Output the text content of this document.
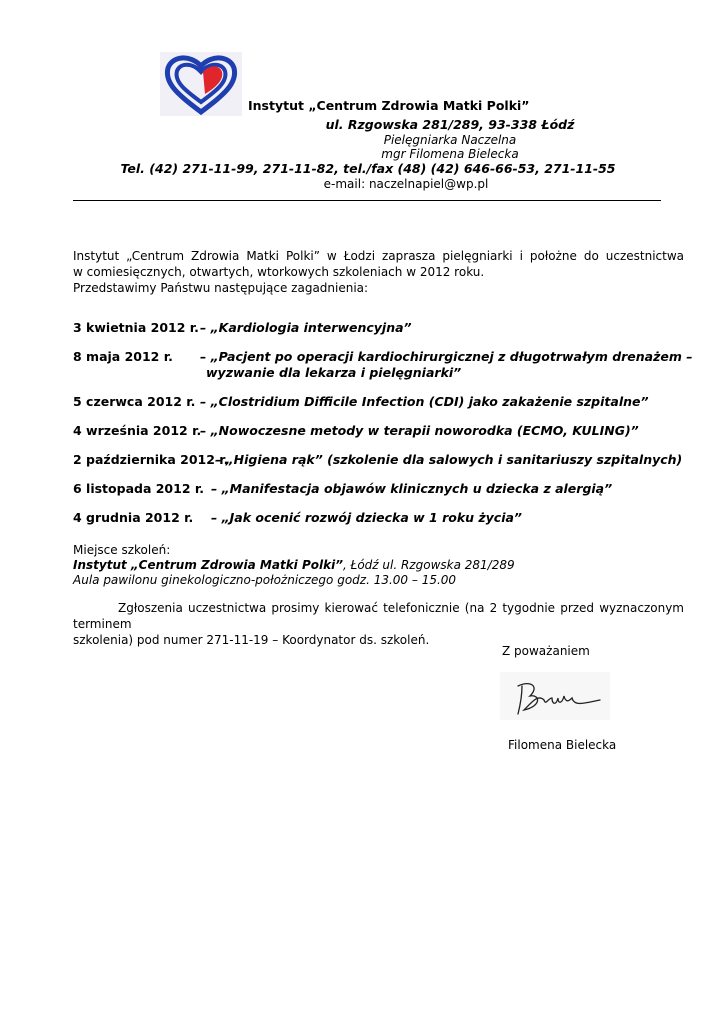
Instytut „Centrum Zdrowia Matki Polki”
ul. Rzgowska 281/289, 93-338 Łódź
Pielęgniarka Naczelna
mgr Filomena Bielecka
Tel. (42) 271-11-99, 271-11-82, tel./fax (48) (42) 646-66-53, 271-11-55
e-mail: naczelnapiel@wp.pl
Instytut „Centrum Zdrowia Matki Polki” w Łodzi zaprasza pielęgniarki i położne do uczestnictwa
w comiesięcznych, otwartych, wtorkowych szkoleniach w 2012 roku.
Przedstawimy Państwu następujące zagadnienia:
3 kwietnia 2012 r.– „Kardiologia interwencyjna”
8 maja 2012 r. – „Pacjent po operacji kardiochirurgicznej z długotrwałym drenażem –
wyzwanie dla lekarza i pielęgniarki”
5 czerwca 2012 r. – „Clostridium Difficile Infection (CDI) jako zakażenie szpitalne”
4 września 2012 r.– „Nowoczesne metody w terapii noworodka (ECMO, KULING)”
2 października 2012 r.– „Higiena rąk” (szkolenie dla salowych i sanitariuszy szpitalnych)
6 listopada 2012 r. – „Manifestacja objawów klinicznych u dziecka z alergią”
4 grudnia 2012 r. – „Jak ocenić rozwój dziecka w 1 roku życia”
Miejsce szkoleń:
Instytut „Centrum Zdrowia Matki Polki”, Łódź ul. Rzgowska 281/289
Aula pawilonu ginekologiczno-położniczego godz. 13.00 – 15.00
Zgłoszenia uczestnictwa prosimy kierować telefonicznie (na 2 tygodnie przed wyznaczonym terminem
szkolenia) pod numer 271-11-19 – Koordynator ds. szkoleń.
Z poważaniem
Filomena Bielecka
